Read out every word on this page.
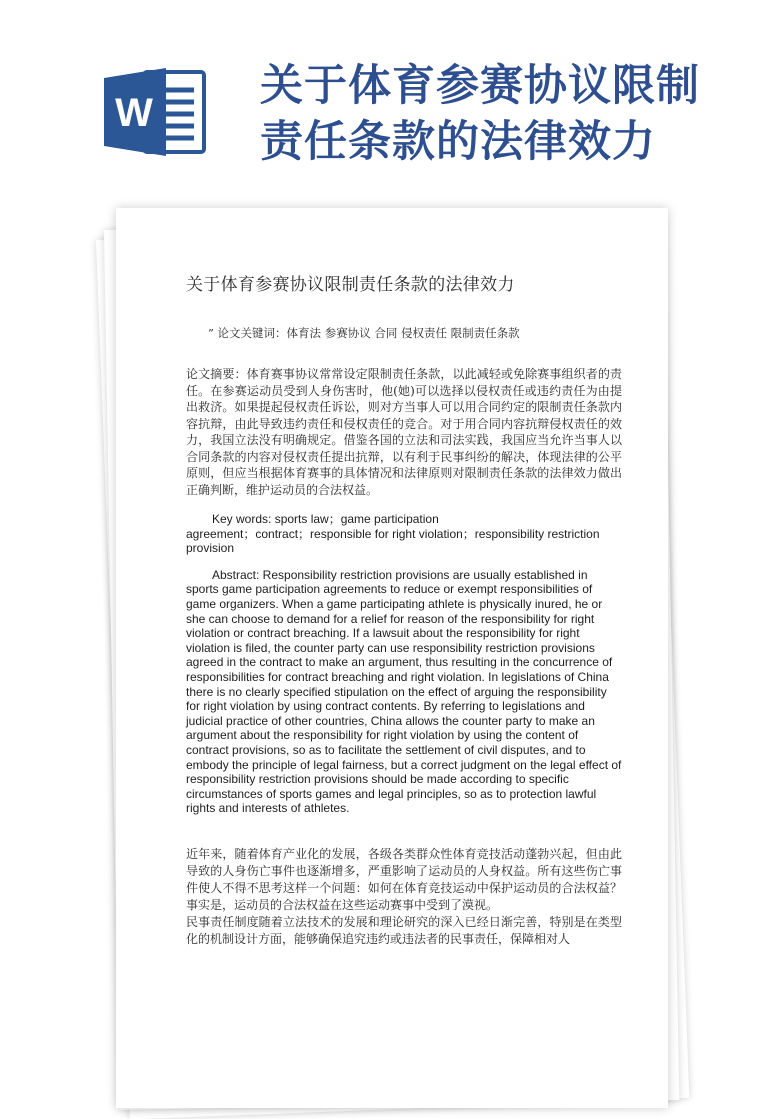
W
关于体育参赛协议限制
责任条款的法律效力
关于体育参赛协议限制责任条款的法律效力
” 论文关键词：体育法 参赛协议 合同 侵权责任 限制责任条款

论文摘要：体育赛事协议常常设定限制责任条款，以此减轻或免除赛事组织者的责任。在参赛运动员受到人身伤害时，他(她)可以选择以侵权责任或违约责任为由提出救济。如果提起侵权责任诉讼，则对方当事人可以用合同约定的限制责任条款内容抗辩，由此导致违约责任和侵权责任的竞合。对于用合同内容抗辩侵权责任的效力，我国立法没有明确规定。借鉴各国的立法和司法实践，我国应当允许当事人以合同条款的内容对侵权责任提出抗辩，以有利于民事纠纷的解决，体现法律的公平原则，但应当根据体育赛事的具体情况和法律原则对限制责任条款的法律效力做出正确判断，维护运动员的合法权益。

Key words: sports law；game participation
agreement；contract；responsible for right violation；responsibility restriction provision

Abstract: Responsibility restriction provisions are usually established in sports game participation agreements to reduce or exempt responsibilities of game organizers. When a game participating athlete is physically inured, he or she can choose to demand for a relief for reason of the responsibility for right violation or contract breaching. If a lawsuit about the responsibility for right violation is filed, the counter party can use responsibility restriction provisions agreed in the contract to make an argument, thus resulting in the concurrence of responsibilities for contract breaching and right violation. In legislations of China there is no clearly specified stipulation on the effect of arguing the responsibility for right violation by using contract contents. By referring to legislations and judicial practice of other countries, China allows the counter party to make an argument about the responsibility for right violation by using the content of contract provisions, so as to facilitate the settlement of civil disputes, and to embody the principle of legal fairness, but a correct judgment on the legal effect of responsibility restriction provisions should be made according to specific circumstances of sports games and legal principles, so as to protection lawful rights and interests of athletes.

近年来，随着体育产业化的发展，各级各类群众性体育竞技活动蓬勃兴起，但由此导致的人身伤亡事件也逐渐增多，严重影响了运动员的人身权益。所有这些伤亡事件使人不得不思考这样一个问题：如何在体育竞技运动中保护运动员的合法权益？事实是，运动员的合法权益在这些运动赛事中受到了漠视。

民事责任制度随着立法技术的发展和理论研究的深入已经日渐完善，特别是在类型化的机制设计方面，能够确保追究违约或违法者的民事责任，保障相对人
